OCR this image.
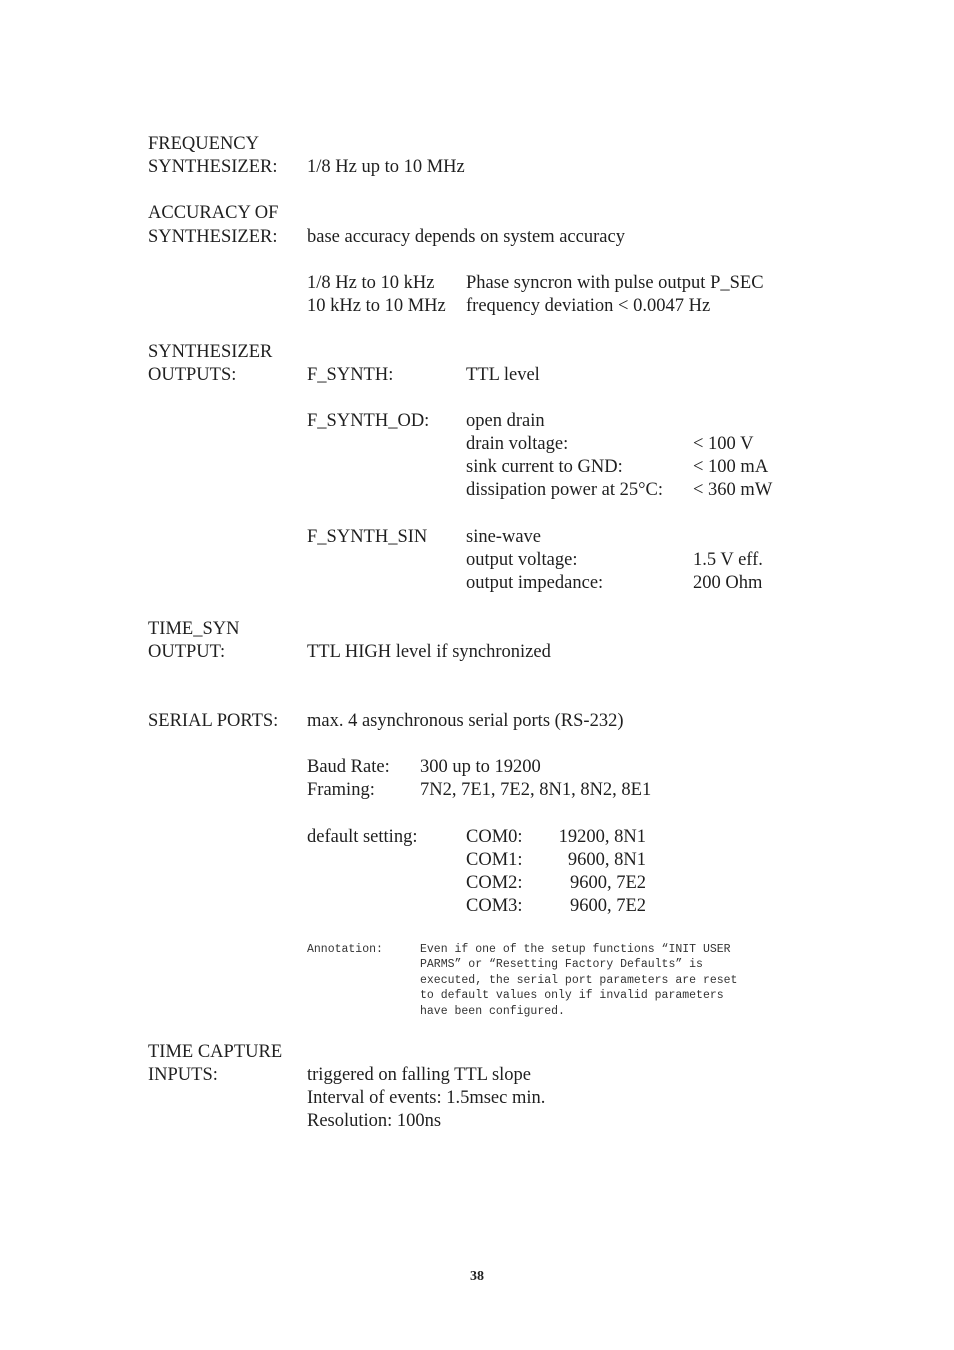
FREQUENCY
SYNTHESIZER: 1/8 Hz up to 10 MHz
ACCURACY OF
SYNTHESIZER: base accuracy depends on system accuracy
1/8 Hz to 10 kHz Phase syncron with pulse output P_SEC
10 kHz to 10 MHz frequency deviation < 0.0047 Hz
SYNTHESIZER
OUTPUTS:	F_SYNTH:	TTL level
F_SYNTH_OD: open drain
drain voltage:	< 100 V
sink current to GND:	< 100 mA
dissipation power at 25°C: < 360 mW
F_SYNTH_SIN sine-wave
output voltage:	1.5 V eff.
output impedance:	200 Ohm
TIME_SYN
OUTPUT:	TTL HIGH level if synchronized
SERIAL PORTS: max. 4 asynchronous serial ports (RS-232)
Baud Rate: 300 up to 19200
Framing: 7N2, 7E1, 7E2, 8N1, 8N2, 8E1
default setting:	COM0:	19200, 8N1
COM1:	9600, 8N1
COM2:	9600, 7E2
COM3:	9600, 7E2
Annotation:	Even if one of the setup functions “INIT USER
PARMS” or “Resetting Factory Defaults” is
executed, the serial port parameters are reset
to default values only if invalid parameters
have been configured.
TIME CAPTURE
INPUTS:	triggered on falling TTL slope
Interval of events: 1.5msec min.
Resolution: 100ns
38
